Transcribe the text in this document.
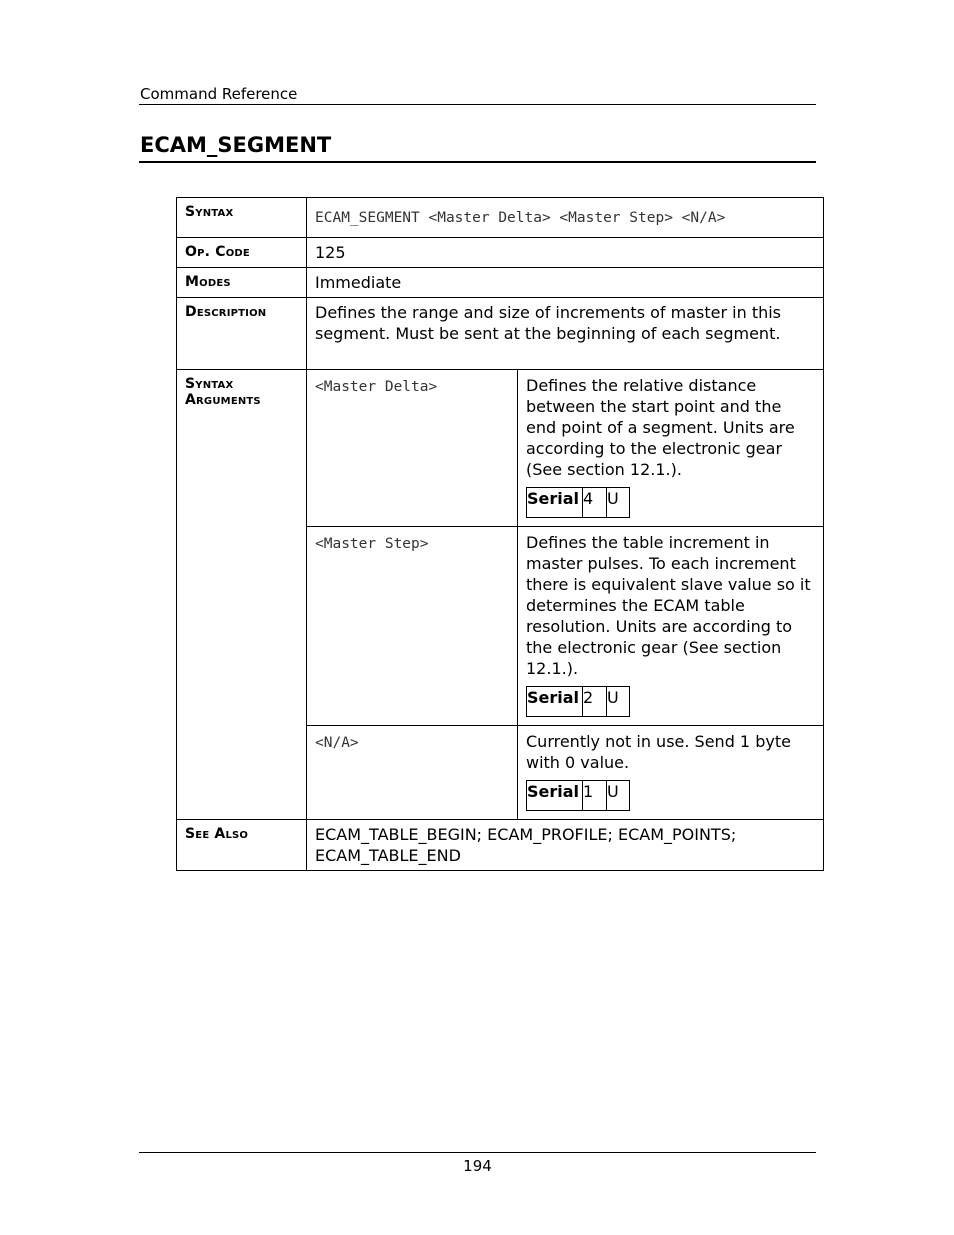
Command Reference
ECAM_SEGMENT
Syntax	ECAM_SEGMENT <Master Delta> <Master Step> <N/A>
Op. Code	125
Modes	Immediate
Description	Defines the range and size of increments of master in this segment. Must be sent at the beginning of each segment.
Syntax
Arguments	<Master Delta>	Defines the relative distance between the start point and the end point of a segment. Units are according to the electronic gear (See section 12.1.).
Serial	4	U

<Master Step>	Defines the table increment in master pulses. To each increment there is equivalent slave value so it determines the ECAM table resolution. Units are according to the electronic gear (See section 12.1.).
Serial	2	U

<N/A>	Currently not in use. Send 1 byte with 0 value.
Serial	1	U

See Also	ECAM_TABLE_BEGIN; ECAM_PROFILE; ECAM_POINTS; ECAM_TABLE_END
194
